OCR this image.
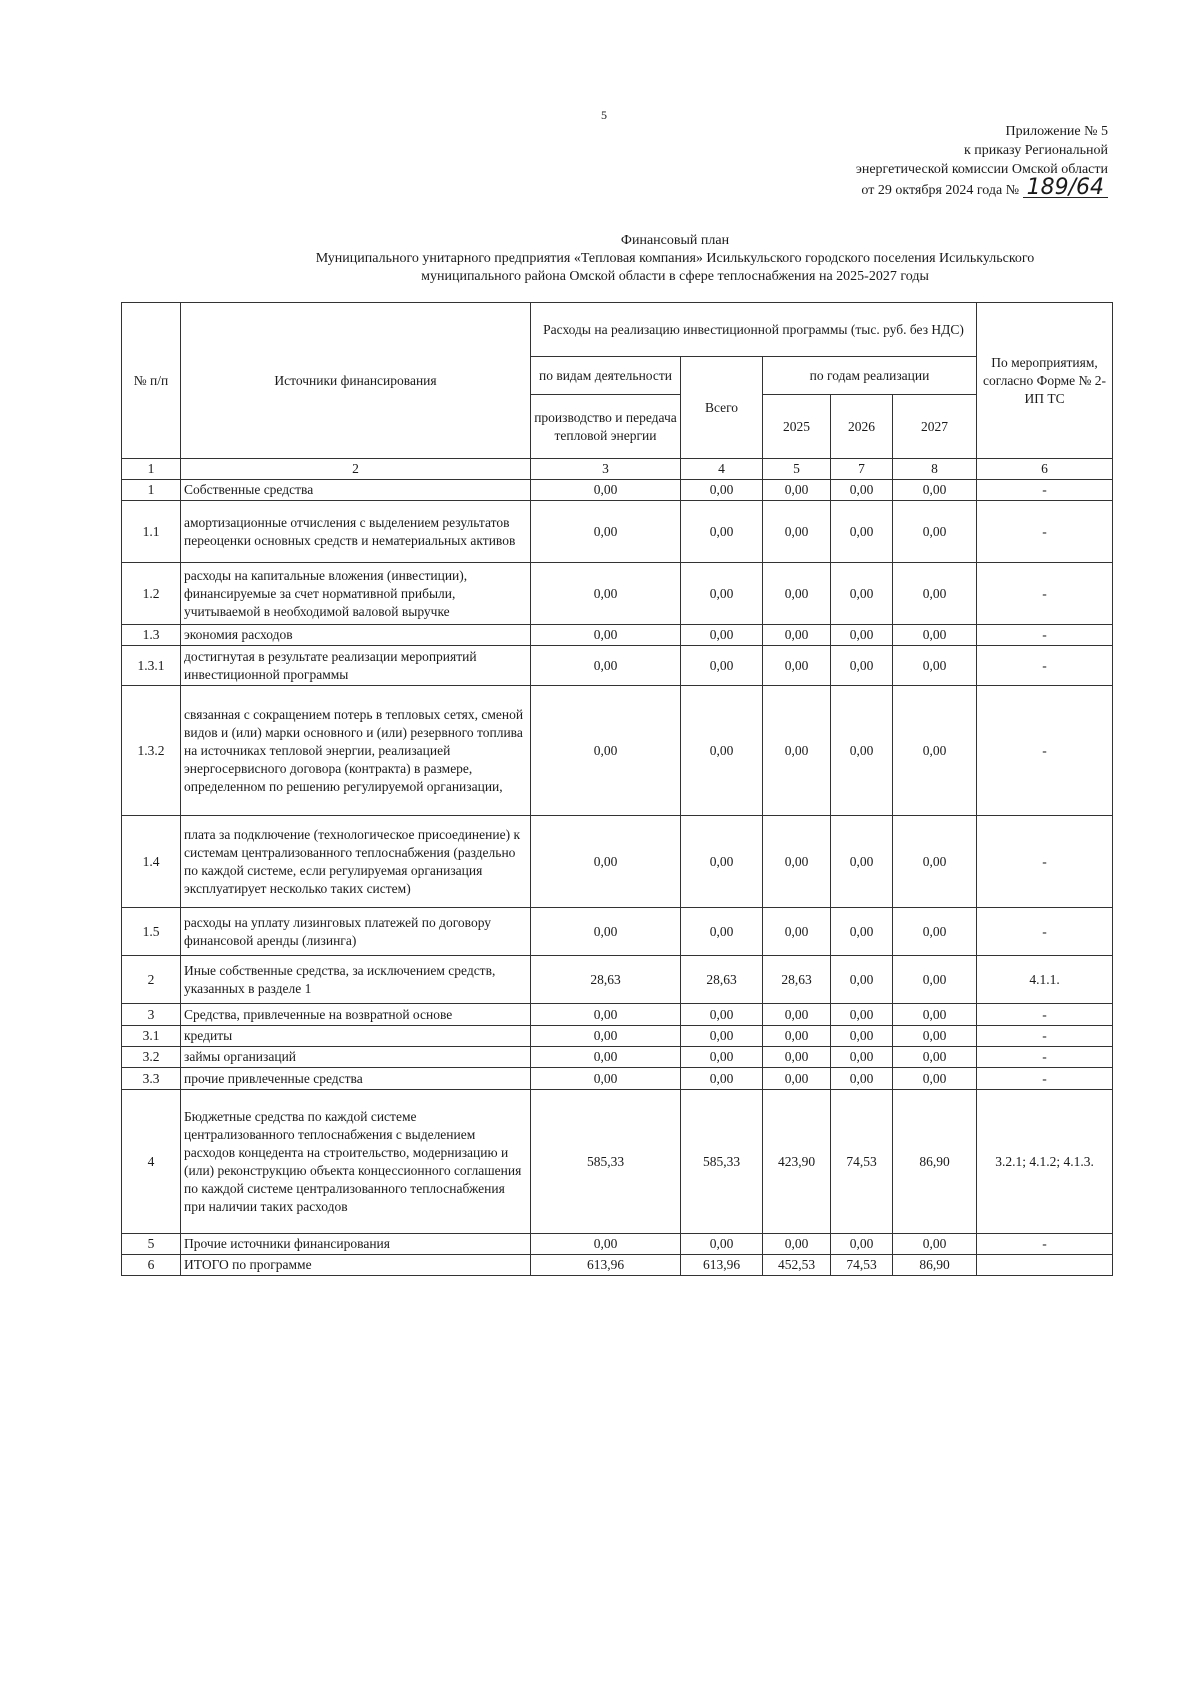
5
Приложение № 5
к приказу Региональной
энергетической комиссии Омской области
от 29 октября 2024 года № 189/64
Финансовый план
Муниципального унитарного предприятия «Тепловая компания» Исилькульского городского поселения Исилькульского
муниципального района Омской области в сфере теплоснабжения на 2025-2027 годы
№ п/п	Источники финансирования	Расходы на реализацию инвестиционной программы (тыс. руб. без НДС)					По мероприятиям, согласно Форме № 2-ИП ТС
		по видам деятельности	Всего	по годам реализации			
		производство и передача тепловой энергии		2025	2026	2027	
1	2	3	4	5	7	8	6
1	Собственные средства	0,00	0,00	0,00	0,00	0,00	-
1.1	амортизационные отчисления с выделением результатов переоценки основных средств и нематериальных активов	0,00	0,00	0,00	0,00	0,00	-
1.2	расходы на капитальные вложения (инвестиции), финансируемые за счет нормативной прибыли, учитываемой в необходимой валовой выручке	0,00	0,00	0,00	0,00	0,00	-
1.3	экономия расходов	0,00	0,00	0,00	0,00	0,00	-
1.3.1	достигнутая в результате реализации мероприятий инвестиционной программы	0,00	0,00	0,00	0,00	0,00	-
1.3.2	связанная с сокращением потерь в тепловых сетях, сменой видов и (или) марки основного и (или) резервного топлива на источниках тепловой энергии, реализацией энергосервисного договора (контракта) в размере, определенном по решению регулируемой организации,	0,00	0,00	0,00	0,00	0,00	-
1.4	плата за подключение (технологическое присоединение) к системам централизованного теплоснабжения (раздельно по каждой системе, если регулируемая организация эксплуатирует несколько таких систем)	0,00	0,00	0,00	0,00	0,00	-
1.5	расходы на уплату лизинговых платежей по договору финансовой аренды (лизинга)	0,00	0,00	0,00	0,00	0,00	-
2	Иные собственные средства, за исключением средств, указанных в разделе 1	28,63	28,63	28,63	0,00	0,00	4.1.1.
3	Средства, привлеченные на возвратной основе	0,00	0,00	0,00	0,00	0,00	-
3.1	кредиты	0,00	0,00	0,00	0,00	0,00	-
3.2	займы организаций	0,00	0,00	0,00	0,00	0,00	-
3.3	прочие привлеченные средства	0,00	0,00	0,00	0,00	0,00	-
4	Бюджетные средства по каждой системе централизованного теплоснабжения с выделением расходов концедента на строительство, модернизацию и (или) реконструкцию объекта концессионного соглашения по каждой системе централизованного теплоснабжения при наличии таких расходов	585,33	585,33	423,90	74,53	86,90	3.2.1; 4.1.2; 4.1.3.
5	Прочие источники финансирования	0,00	0,00	0,00	0,00	0,00	-
6	ИТОГО по программе	613,96	613,96	452,53	74,53	86,90	
